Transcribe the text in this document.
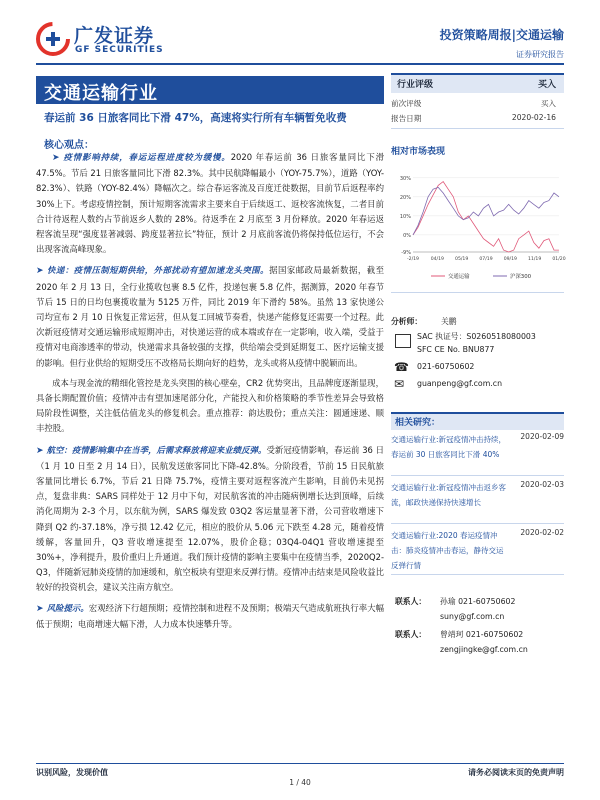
广发证券
GF SECURITIES
投资策略周报|交通运输
证券研究报告
交通运输行业
春运前 36 日旅客同比下滑 47%，高速将实行所有车辆暂免收费
核心观点：

➤ 疫情影响持续，春运运程进度较为缓慢。2020 年春运前 36 日旅客量同比下滑 47.5%。节后 21 日旅客量同比下滑 82.3%。其中民航降幅最小（YOY-75.7%），道路（YOY-82.3%）、铁路（YOY-82.4%）降幅次之。综合春运客流及百度迁徙数据，目前节后返程率约 30%上下。考虑疫情控制，预计短期客流需求主要来自于后续返工、返校客流恢复，二者目前合计待返程人数约占节前返乡人数的 28%。待返季在 2 月底至 3 月份释放。2020 年春运返程客流呈现“强度显著减弱、跨度显著拉长”特征，预计 2 月底前客流仍将保持低位运行，不会出现客流高峰现象。

➤ 快递：疫情压制短期供给，外部扰动有望加速龙头突围。据国家邮政局最新数据，截至 2020 年 2 月 13 日，全行业揽收包裹 8.5 亿件，投递包裹 5.8 亿件，据测算，2020 年春节节后 15 日的日均包裹揽收量为 5125 万件，同比 2019 年下滑约 58%。虽然 13 家快递公司均宣布 2 月 10 日恢复正常运营，但从复工回城节奏看，快递产能修复还需要一个过程。此次新冠疫情对交通运输形成短期冲击，对快递运营的成本端或存在一定影响，收入端，受益于疫情对电商渗透率的带动，快递需求具备较强的支撑，供给端会受到延期复工、医疗运输支援的影响。但行业供给的短期受压不改格局长期向好的趋势，龙头或将从疫情中脱颖而出。

成本与现金流的精细化管控是龙头突围的核心壁垒，CR2 优势突出，且品牌度逐渐显现，具备长期配置价值；疫情冲击有望加速尾部分化，产能投入和价格策略的季节性差异会导致格局阶段性调整，关注低估值龙头的修复机会。重点推荐：韵达股份；重点关注：圆通速递、顺丰控股。

➤ 航空：疫情影响集中在当季，后需求释放将迎来业绩反弹。受新冠疫情影响，春运前 36 日（1 月 10 日至 2 月 14 日），民航发送旅客同比下降-42.8%。分阶段看，节前 15 日民航旅客量同比增长 6.7%，节后 21 日降 75.7%，疫情主要对返程客流产生影响，目前仍未见拐点，复盘非典：SARS 同样处于 12 月中下旬，对民航客流的冲击随病例增长达到顶峰，后续消化周期为 2-3 个月，以东航为例，SARS 爆发致 03Q2 客运量显著下滑，公司营收增速下降到 Q2 约-37.18%，净亏损 12.42 亿元，相应的股价从 5.06 元下跌至 4.28 元，随着疫情缓解，客量回升，Q3 营收增速提至 12.07%，股价企稳；03Q4-04Q1 营收增速提至 30%+，净利提升，股价重归上升通道。我们预计疫情的影响主要集中在疫情当季，2020Q2-Q3，伴随新冠肺炎疫情的加速缓和，航空板块有望迎来反弹行情。疫情冲击结束是风险收益比较好的投资机会，建议关注南方航空。

➤ 风险提示。宏观经济下行超预期；疫情控制和进程不及预期；极端天气造成航班执行率大幅低于预期；电商增速大幅下滑，人力成本快速攀升等。

行业评级	买入
前次评级	买入
报告日期	2020-02-16
相对市场表现
-9%
0%
10%
20%
30%
-2/19	04/19 05/19 07/19 09/19 11/19 01/20
交通运输	沪深300
分析师： 关鹏
SAC 执证号：S0260518080003
SFC CE No. BNU877
☎ 021-60750602
✉ guanpeng@gf.com.cn
相关研究：
交通运输行业:新冠疫情冲击持续，春运前 30 日旅客同比下滑 40%
2020-02-09
交通运输行业:新冠疫情冲击返乡客流，邮政快递保持快速增长
2020-02-03
交通运输行业:2020 春运疫情冲击：肺炎疫情冲击春运，静待交运反弹行情
2020-02-02
联系人： 孙瑜 021-60750602
suny@gf.com.cn
联系人： 曾靖珂 021-60750602
zengjingke@gf.com.cn
识别风险，发现价值	请务必阅读末页的免责声明
1 / 40
